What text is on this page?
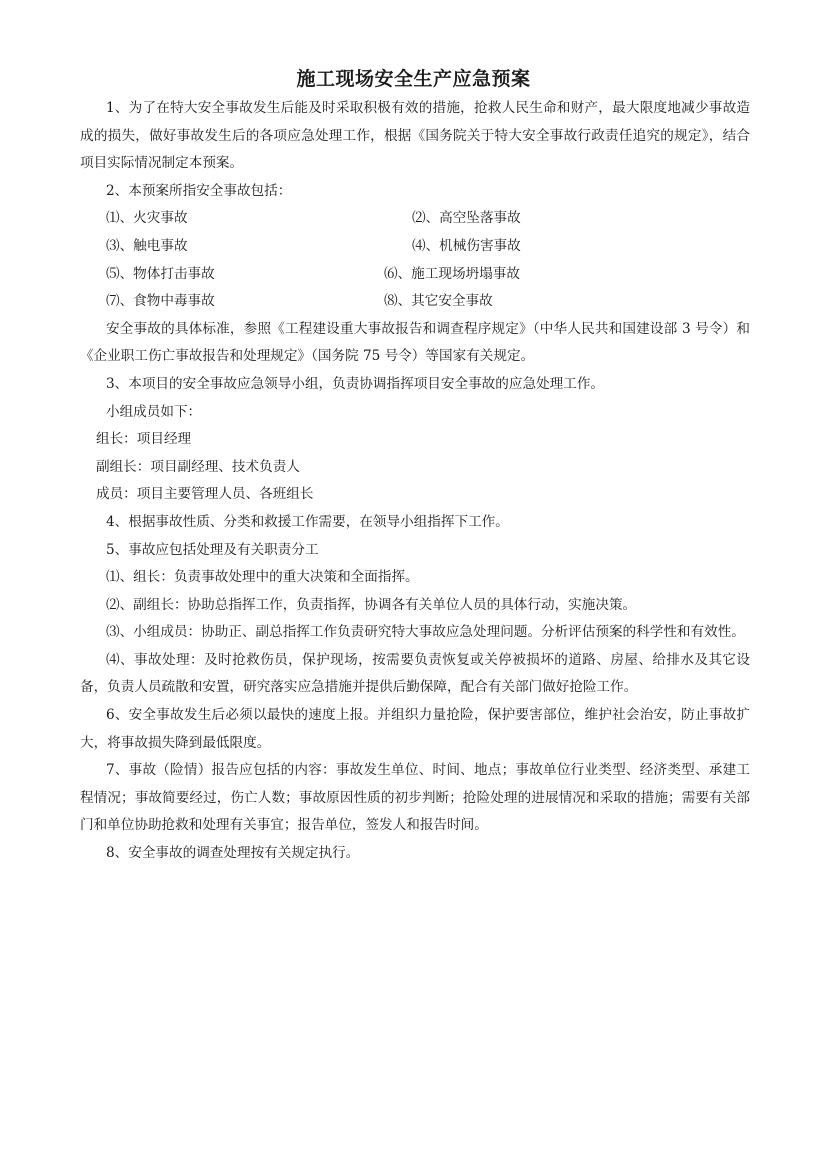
施工现场安全生产应急预案

1、为了在特大安全事故发生后能及时采取积极有效的措施，抢救人民生命和财产，最大限度地减少事故造成的损失，做好事故发生后的各项应急处理工作，根据《国务院关于特大安全事故行政责任追究的规定》，结合项目实际情况制定本预案。

2、本预案所指安全事故包括：

⑴、火灾事故	⑵、高空坠落事故
⑶、触电事故	⑷、机械伤害事故
⑸、物体打击事故	⑹、施工现场坍塌事故
⑺、食物中毒事故	⑻、其它安全事故

安全事故的具体标准，参照《工程建设重大事故报告和调查程序规定》（中华人民共和国建设部 3 号令）和《企业职工伤亡事故报告和处理规定》（国务院 75 号令）等国家有关规定。

3、本项目的安全事故应急领导小组，负责协调指挥项目安全事故的应急处理工作。

小组成员如下：

组长：项目经理

副组长：项目副经理、技术负责人

成员：项目主要管理人员、各班组长

4、根据事故性质、分类和救援工作需要，在领导小组指挥下工作。

5、事故应包括处理及有关职责分工

⑴、组长：负责事故处理中的重大决策和全面指挥。

⑵、副组长：协助总指挥工作，负责指挥，协调各有关单位人员的具体行动，实施决策。

⑶、小组成员：协助正、副总指挥工作负责研究特大事故应急处理问题。分析评估预案的科学性和有效性。

⑷、事故处理：及时抢救伤员，保护现场，按需要负责恢复或关停被损坏的道路、房屋、给排水及其它设备，负责人员疏散和安置，研究落实应急措施并提供后勤保障，配合有关部门做好抢险工作。

6、安全事故发生后必须以最快的速度上报。并组织力量抢险，保护要害部位，维护社会治安，防止事故扩大，将事故损失降到最低限度。

7、事故（险情）报告应包括的内容：事故发生单位、时间、地点；事故单位行业类型、经济类型、承建工程情况；事故简要经过，伤亡人数；事故原因性质的初步判断；抢险处理的进展情况和采取的措施；需要有关部门和单位协助抢救和处理有关事宜；报告单位，签发人和报告时间。

8、安全事故的调查处理按有关规定执行。
